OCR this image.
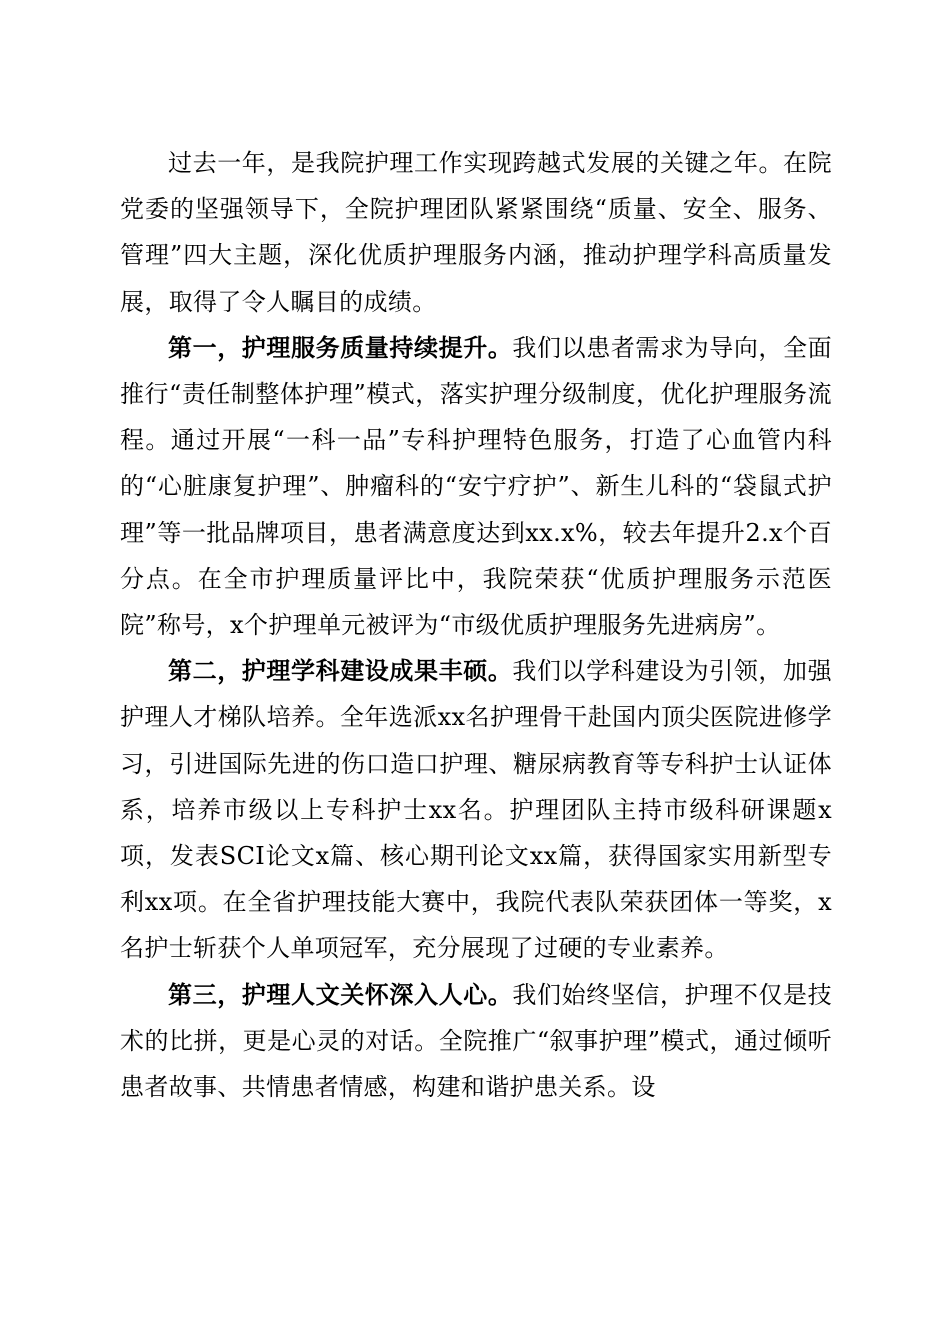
过去一年，是我院护理工作实现跨越式发展的关键之年。在院党委的坚强领导下，全院护理团队紧紧围绕“质量、安全、服务、管理”四大主题，深化优质护理服务内涵，推动护理学科高质量发展，取得了令人瞩目的成绩。

第一，护理服务质量持续提升。我们以患者需求为导向，全面推行“责任制整体护理”模式，落实护理分级制度，优化护理服务流程。通过开展“一科一品”专科护理特色服务，打造了心血管内科的“心脏康复护理”、肿瘤科的“安宁疗护”、新生儿科的“袋鼠式护理”等一批品牌项目，患者满意度达到xx.x%，较去年提升2.x个百分点。在全市护理质量评比中，我院荣获“优质护理服务示范医院”称号，x个护理单元被评为“市级优质护理服务先进病房”。

第二，护理学科建设成果丰硕。我们以学科建设为引领，加强护理人才梯队培养。全年选派xx名护理骨干赴国内顶尖医院进修学习，引进国际先进的伤口造口护理、糖尿病教育等专科护士认证体系，培养市级以上专科护士xx名。护理团队主持市级科研课题x项，发表SCI论文x篇、核心期刊论文xx篇，获得国家实用新型专利xx项。在全省护理技能大赛中，我院代表队荣获团体一等奖，x名护士斩获个人单项冠军，充分展现了过硬的专业素养。

第三，护理人文关怀深入人心。我们始终坚信，护理不仅是技术的比拼，更是心灵的对话。全院推广“叙事护理”模式，通过倾听患者故事、共情患者情感，构建和谐护患关系。设
